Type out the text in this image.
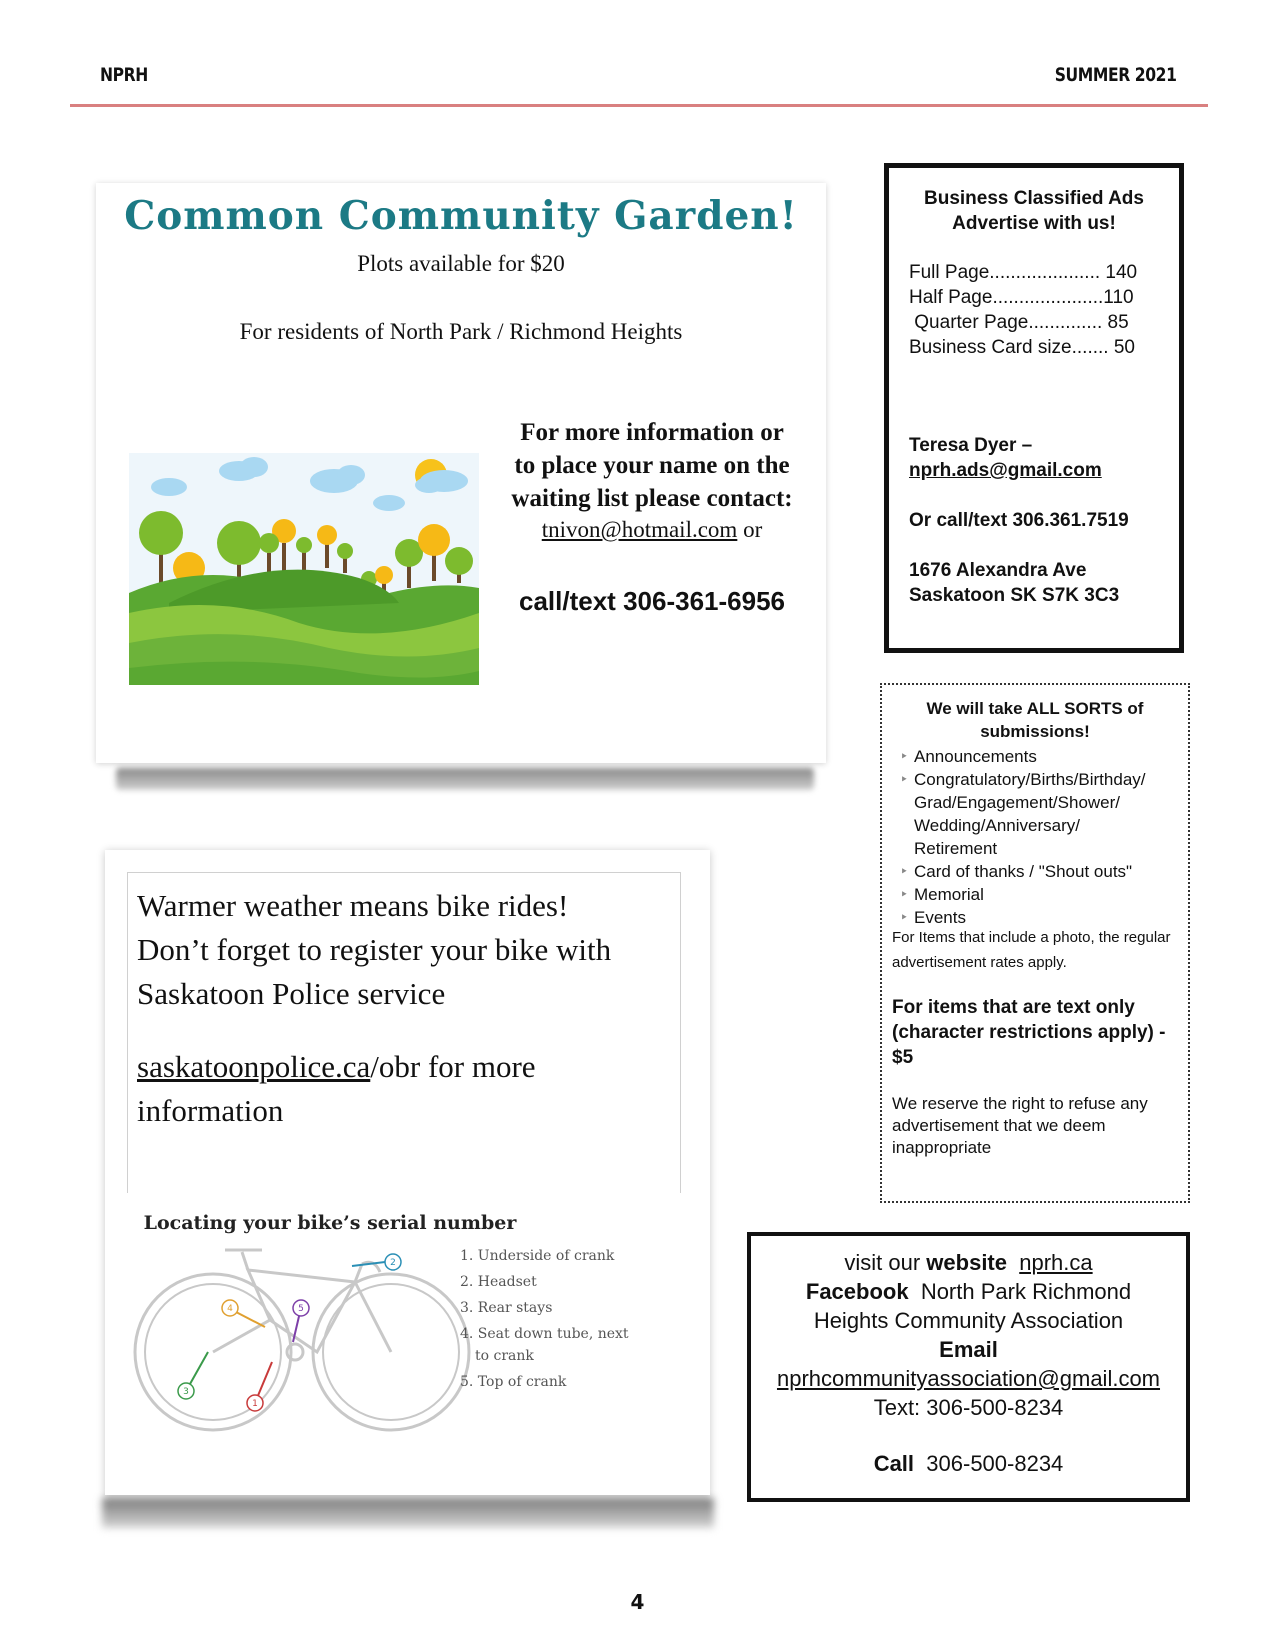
NPRH	SUMMER 2021
Common Community Garden!
Plots available for $20
For residents of North Park / Richmond Heights
For more information or
to place your name on the
waiting list please contact:
tnivon@hotmail.com or
call/text 306-361-6956
Business Classified Ads
Advertise with us!
Full Page..................... 140
Half Page.....................110
Quarter Page.............. 85
Business Card size....... 50
Teresa Dyer –
nprh.ads@gmail.com
Or call/text 306.361.7519
1676 Alexandra Ave
Saskatoon SK S7K 3C3
We will take ALL SORTS of submissions!
‣ Announcements
‣ Congratulatory/Births/Birthday/
Grad/Engagement/Shower/
Wedding/Anniversary/
Retirement
‣ Card of thanks / "Shout outs"
‣ Memorial
‣ Events
For Items that include a photo, the regular advertisement rates apply.
For items that are text only (character restrictions apply) - $5
We reserve the right to refuse any advertisement that we deem inappropriate
Warmer weather means bike rides!
Don’t forget to register your bike with
Saskatoon Police service
saskatoonpolice.ca/obr for more
information
Locating your bike’s serial number
2
4	5
3
1
1. Underside of crank
2. Headset
3. Rear stays
4. Seat down tube, next
to crank
5. Top of crank
visit our website nprh.ca
Facebook North Park Richmond
Heights Community Association
Email
nprhcommunityassociation@gmail.com
Text: 306-500-8234
Call 306-500-8234
4
